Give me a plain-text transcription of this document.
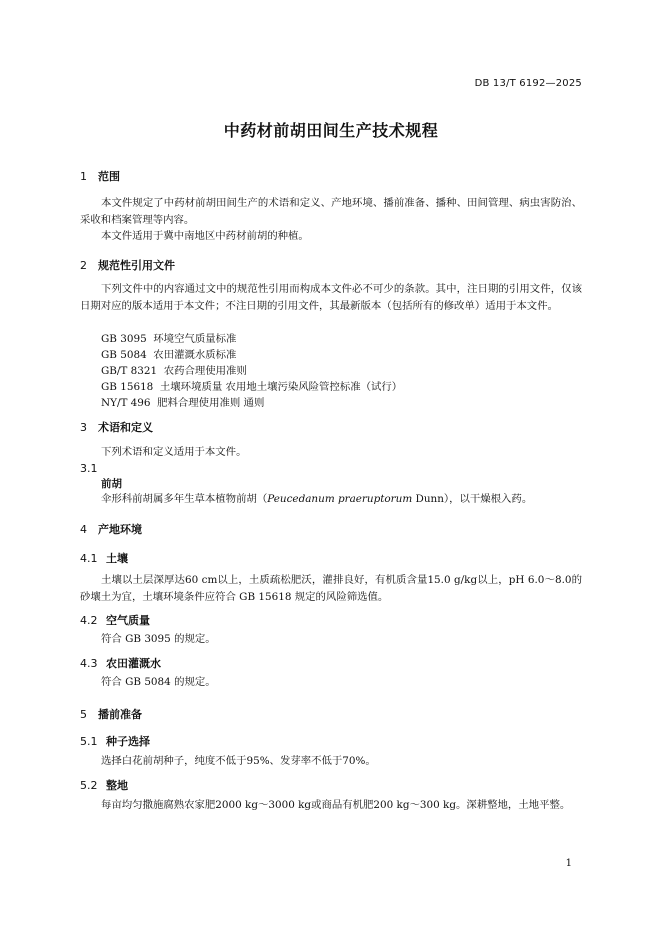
DB 13/T 6192—2025
中药材前胡田间生产技术规程
1 范围
本文件规定了中药材前胡田间生产的术语和定义、产地环境、播前准备、播种、田间管理、病虫害防治、采收和档案管理等内容。
本文件适用于冀中南地区中药材前胡的种植。
2 规范性引用文件
下列文件中的内容通过文中的规范性引用而构成本文件必不可少的条款。其中，注日期的引用文件，仅该日期对应的版本适用于本文件；不注日期的引用文件，其最新版本（包括所有的修改单）适用于本文件。
GB 3095  环境空气质量标准
GB 5084  农田灌溉水质标准
GB/T 8321  农药合理使用准则
GB 15618  土壤环境质量 农用地土壤污染风险管控标准（试行）
NY/T 496  肥料合理使用准则 通则
3 术语和定义
下列术语和定义适用于本文件。
3.1
前胡
伞形科前胡属多年生草本植物前胡（Peucedanum praeruptorum Dunn），以干燥根入药。
4 产地环境
4.1 土壤
土壤以土层深厚达60 cm以上，土质疏松肥沃，灌排良好，有机质含量15.0 g/kg以上，pH 6.0～8.0的砂壤土为宜，土壤环境条件应符合 GB 15618 规定的风险筛选值。
4.2 空气质量
符合 GB 3095 的规定。
4.3 农田灌溉水
符合 GB 5084 的规定。
5 播前准备
5.1 种子选择
选择白花前胡种子，纯度不低于95%、发芽率不低于70%。
5.2 整地
每亩均匀撒施腐熟农家肥2000 kg～3000 kg或商品有机肥200 kg～300 kg。深耕整地，土地平整。
1
